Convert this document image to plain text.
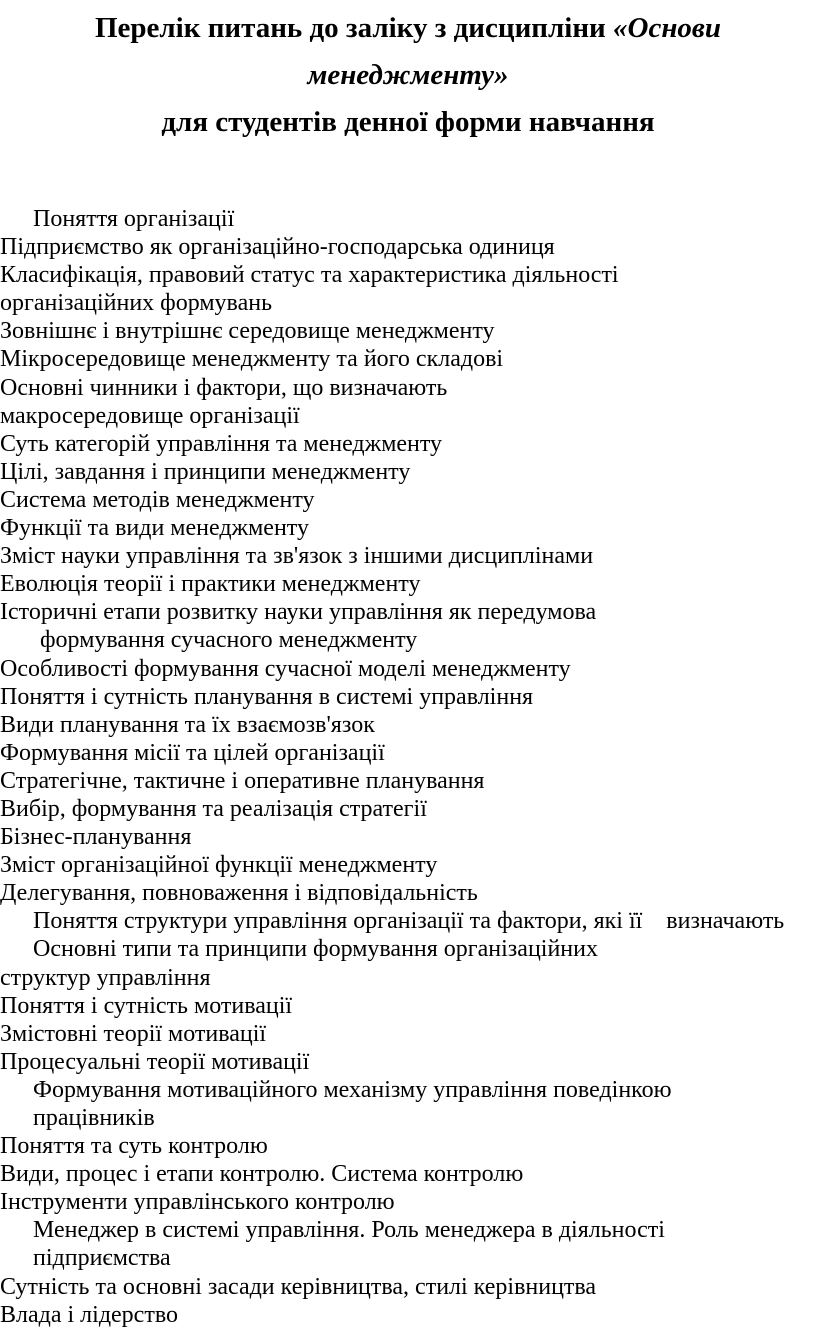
Перелік питань до заліку з дисципліни «Основи менеджменту»
для студентів денної форми навчання
Поняття організації
Підприємство як організаційно-господарська одиниця
Класифікація, правовий статус та характеристика діяльності
організаційних формувань
Зовнішнє і внутрішнє середовище менеджменту
Мікросередовище менеджменту та його складові
Основні чинники і фактори, що визначають
макросередовище організації
Суть категорій управління та менеджменту
Цілі, завдання і принципи менеджменту
Система методів менеджменту
Функції та види менеджменту
Зміст науки управління та зв'язок з іншими дисциплінами
Еволюція теорії і практики менеджменту
Історичні етапи розвитку науки управління як передумова
формування сучасного менеджменту
Особливості формування сучасної моделі менеджменту
Поняття і сутність планування в системі управління
Види планування та їх взаємозв'язок
Формування місії та цілей організації
Стратегічне, тактичне і оперативне планування
Вибір, формування та реалізація стратегії
Бізнес-планування
Зміст організаційної функції менеджменту
Делегування, повноваження і відповідальність
Поняття структури управління організації та фактори, які її    визначають
Основні типи та принципи формування організаційних
структур управління
Поняття і сутність мотивації
Змістовні теорії мотивації
Процесуальні теорії мотивації
Формування мотиваційного механізму управління поведінкою
працівників
Поняття та суть контролю
Види, процес і етапи контролю. Система контролю
Інструменти управлінського контролю
Менеджер в системі управління. Роль менеджера в діяльності
підприємства
Сутність та основні засади керівництва, стилі керівництва
Влада і лідерство
